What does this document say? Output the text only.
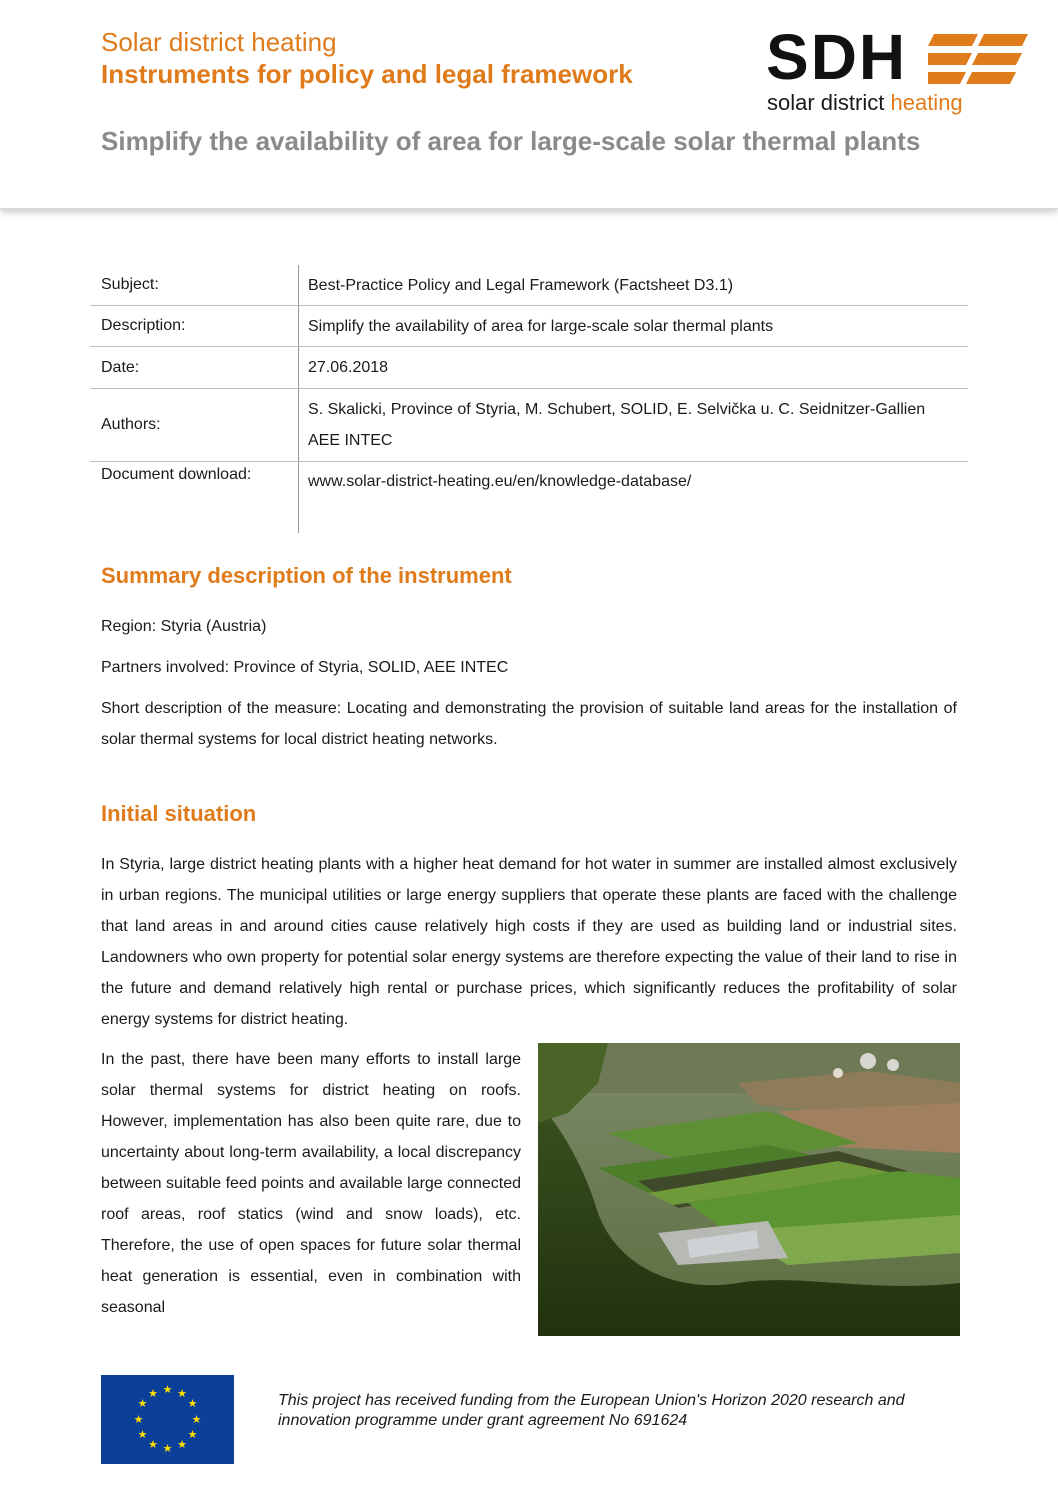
Solar district heating
Instruments for policy and legal framework
Simplify the availability of area for large-scale solar thermal plants
SDH
solar district heating
Subject:	Best-Practice Policy and Legal Framework (Factsheet D3.1)
Description:	Simplify the availability of area for large-scale solar thermal plants
Date:	27.06.2018
Authors:
S. Skalicki, Province of Styria, M. Schubert, SOLID, E. Selvička u. C. Seidnitzer-Gallien AEE INTEC
Document download:	www.solar-district-heating.eu/en/knowledge-database/
Summary description of the instrument

Region: Styria (Austria)

Partners involved: Province of Styria, SOLID, AEE INTEC

Short description of the measure: Locating and demonstrating the provision of suitable land areas for the installation of solar thermal systems for local district heating networks.

Initial situation

In Styria, large district heating plants with a higher heat demand for hot water in summer are installed almost exclusively in urban regions. The municipal utilities or large energy suppliers that operate these plants are faced with the challenge that land areas in and around cities cause relatively high costs if they are used as building land or industrial sites. Landowners who own property for potential solar energy systems are therefore expecting the value of their land to rise in the future and demand relatively high rental or purchase prices, which significantly reduces the profitability of solar energy systems for district heating.

In the past, there have been many efforts to install large solar thermal systems for district heating on roofs. However, implementation has also been quite rare, due to uncertainty about long-term availability, a local discrepancy between suitable feed points and available large connected roof areas, roof statics (wind and snow loads), etc. Therefore, the use of open spaces for future solar thermal heat generation is essential, even in combination with seasonal

★ ★
★
★
★
★
★
★
★
★
★
★	This project has received funding from the European Union's Horizon 2020 research and innovation programme under grant agreement No 691624
